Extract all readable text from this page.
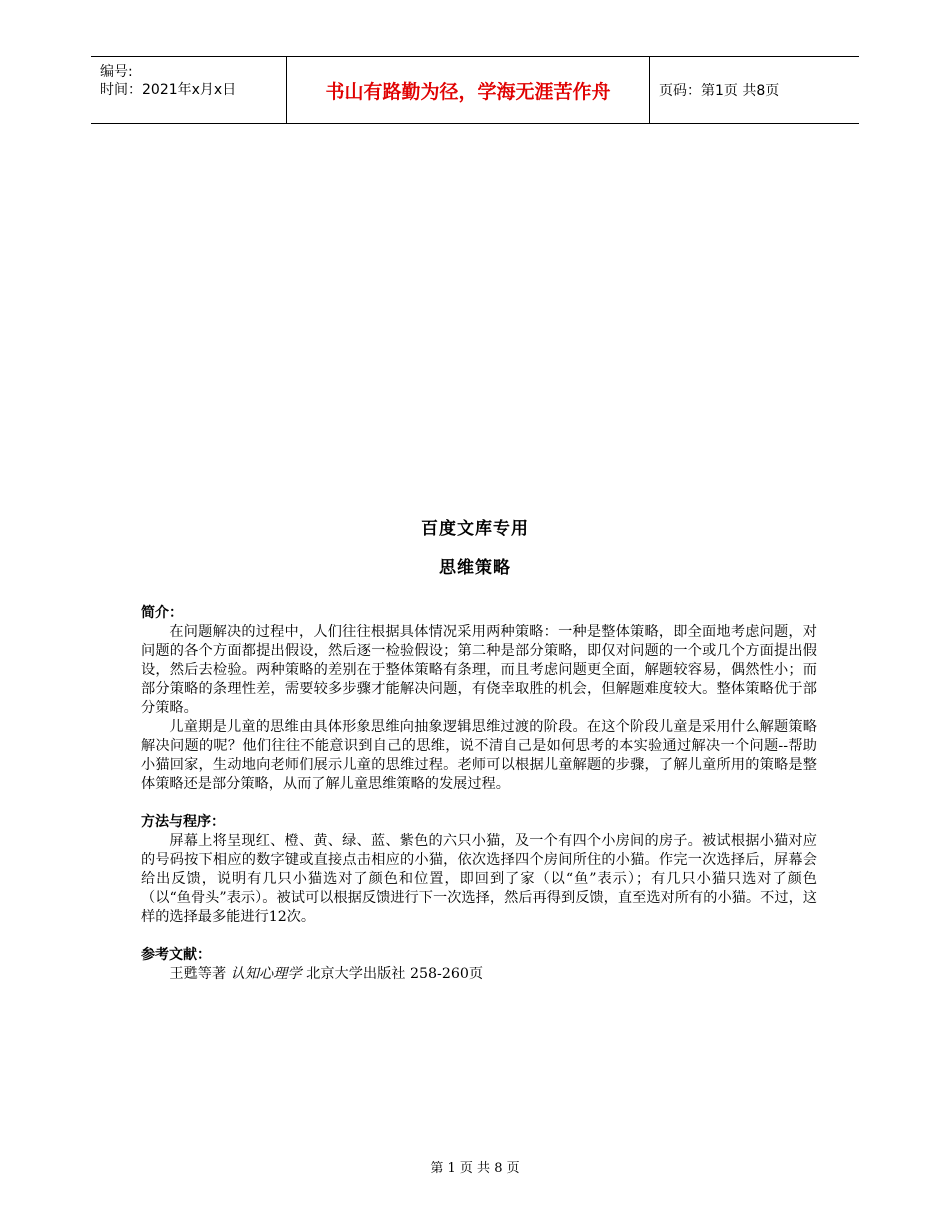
编号:
时间：2021年x月x日	书山有路勤为径，学海无涯苦作舟	页码：第1页 共8页
百度文库专用
思维策略

简介：

在问题解决的过程中，人们往往根据具体情况采用两种策略：一种是整体策略，即全面地考虑问题，对问题的各个方面都提出假设，然后逐一检验假设；第二种是部分策略，即仅对问题的一个或几个方面提出假设，然后去检验。两种策略的差别在于整体策略有条理，而且考虑问题更全面，解题较容易，偶然性小；而部分策略的条理性差，需要较多步骤才能解决问题，有侥幸取胜的机会，但解题难度较大。整体策略优于部分策略。

儿童期是儿童的思维由具体形象思维向抽象逻辑思维过渡的阶段。在这个阶段儿童是采用什么解题策略解决问题的呢？他们往往不能意识到自己的思维，说不清自己是如何思考的本实验通过解决一个问题--帮助小猫回家，生动地向老师们展示儿童的思维过程。老师可以根据儿童解题的步骤，了解儿童所用的策略是整体策略还是部分策略，从而了解儿童思维策略的发展过程。

方法与程序：

屏幕上将呈现红、橙、黄、绿、蓝、紫色的六只小猫，及一个有四个小房间的房子。被试根据小猫对应的号码按下相应的数字键或直接点击相应的小猫，依次选择四个房间所住的小猫。作完一次选择后，屏幕会给出反馈，说明有几只小猫选对了颜色和位置，即回到了家（以“鱼”表示）；有几只小猫只选对了颜色（以“鱼骨头”表示）。被试可以根据反馈进行下一次选择，然后再得到反馈，直至选对所有的小猫。不过，这样的选择最多能进行12次。

参考文献：

王甦等著 认知心理学 北京大学出版社 258-260页

第 1 页 共 8 页
